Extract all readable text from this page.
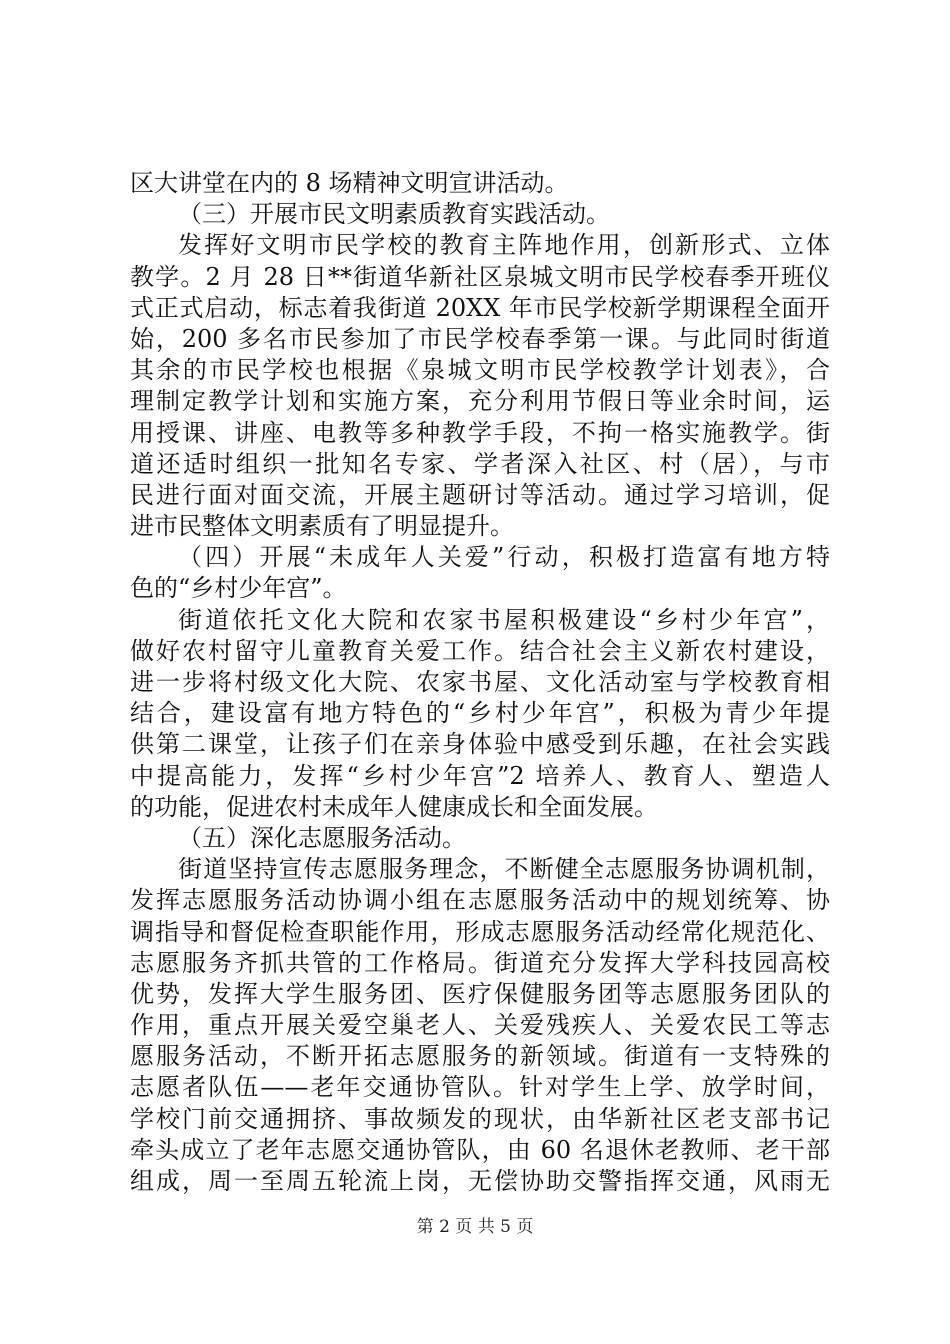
区大讲堂在内的 8 场精神文明宣讲活动。
（三）开展市民文明素质教育实践活动。
发挥好文明市民学校的教育主阵地作用，创新形式、立体
教学。2 月 28 日**街道华新社区泉城文明市民学校春季开班仪
式正式启动，标志着我街道 20XX 年市民学校新学期课程全面开
始，200 多名市民参加了市民学校春季第一课。与此同时街道
其余的市民学校也根据《泉城文明市民学校教学计划表》，合
理制定教学计划和实施方案，充分利用节假日等业余时间，运
用授课、讲座、电教等多种教学手段，不拘一格实施教学。街
道还适时组织一批知名专家、学者深入社区、村（居），与市
民进行面对面交流，开展主题研讨等活动。通过学习培训，促
进市民整体文明素质有了明显提升。
（四）开展“未成年人关爱”行动，积极打造富有地方特
色的“乡村少年宫”。
街道依托文化大院和农家书屋积极建设“乡村少年宫”，
做好农村留守儿童教育关爱工作。结合社会主义新农村建设，
进一步将村级文化大院、农家书屋、文化活动室与学校教育相
结合，建设富有地方特色的“乡村少年宫”，积极为青少年提
供第二课堂，让孩子们在亲身体验中感受到乐趣，在社会实践
中提高能力，发挥“乡村少年宫”2 培养人、教育人、塑造人
的功能，促进农村未成年人健康成长和全面发展。
（五）深化志愿服务活动。
街道坚持宣传志愿服务理念，不断健全志愿服务协调机制，
发挥志愿服务活动协调小组在志愿服务活动中的规划统筹、协
调指导和督促检查职能作用，形成志愿服务活动经常化规范化、
志愿服务齐抓共管的工作格局。街道充分发挥大学科技园高校
优势，发挥大学生服务团、医疗保健服务团等志愿服务团队的
作用，重点开展关爱空巢老人、关爱残疾人、关爱农民工等志
愿服务活动，不断开拓志愿服务的新领域。街道有一支特殊的
志愿者队伍——老年交通协管队。针对学生上学、放学时间，
学校门前交通拥挤、事故频发的现状，由华新社区老支部书记
牵头成立了老年志愿交通协管队，由 60 名退休老教师、老干部
组成，周一至周五轮流上岗，无偿协助交警指挥交通，风雨无
第 2 页 共 5 页
